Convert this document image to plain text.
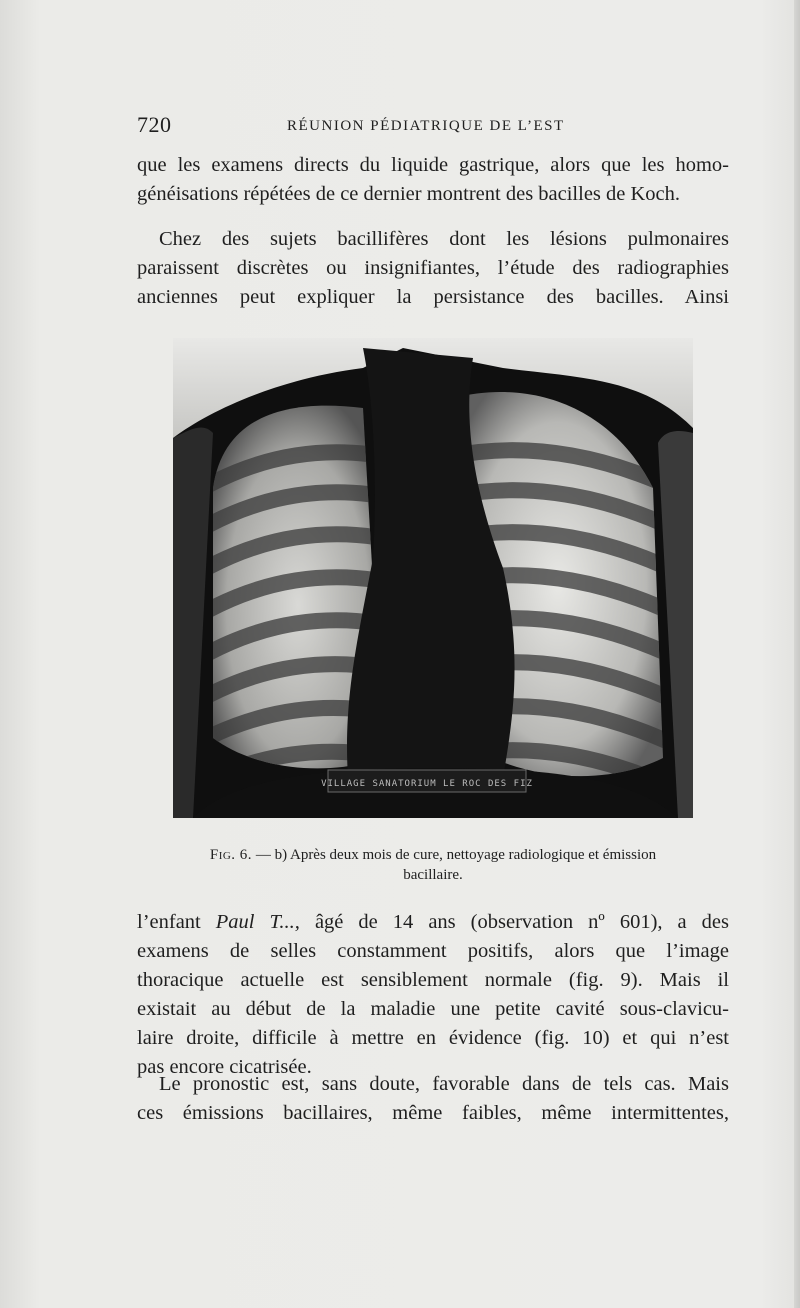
720	RÉUNION PÉDIATRIQUE DE L’EST

que les examens directs du liquide gastrique, alors que les homo-
généisations répétées de ce dernier montrent des bacilles de Koch.

Chez des sujets bacillifères dont les lésions pulmonaires
paraissent discrètes ou insignifiantes, l’étude des radiographies
anciennes peut expliquer la persistance des bacilles. Ainsi

VILLAGE SANATORIUM LE ROC DES FIZ
Fig. 6. — b) Après deux mois de cure, nettoyage radiologique et émission
bacillaire.

l’enfant Paul T..., âgé de 14 ans (observation nº 601), a des
examens de selles constamment positifs, alors que l’image
thoracique actuelle est sensiblement normale (fig. 9). Mais il
existait au début de la maladie une petite cavité sous-clavicu-
laire droite, difficile à mettre en évidence (fig. 10) et qui n’est
pas encore cicatrisée.

Le pronostic est, sans doute, favorable dans de tels cas. Mais
ces émissions bacillaires, même faibles, même intermittentes,
